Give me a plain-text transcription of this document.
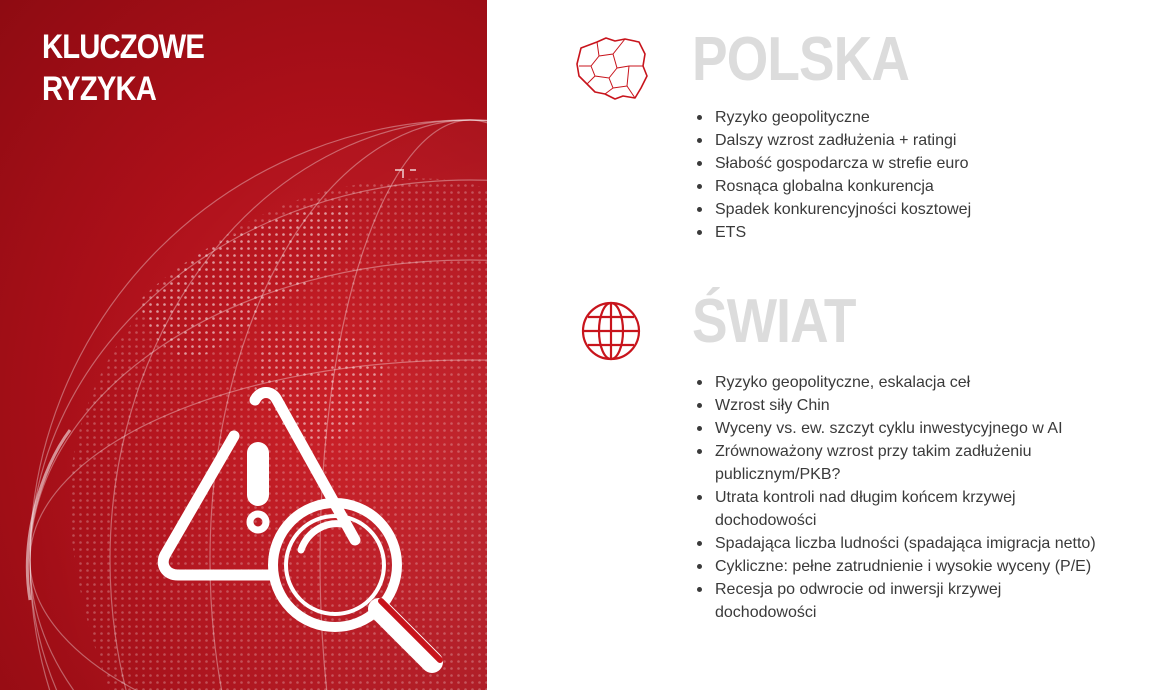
KLUCZOWE
RYZYKA	POLSKA
Ryzyko geopolityczne
Dalszy wzrost zadłużenia + ratingi
Słabość gospodarcza w strefie euro
Rosnąca globalna konkurencja
Spadek konkurencyjności kosztowej
ETS
ŚWIAT
Ryzyko geopolityczne, eskalacja ceł
Wzrost siły Chin
Wyceny vs. ew. szczyt cyklu inwestycyjnego w AI
Zrównoważony wzrost przy takim zadłużeniu publicznym/PKB?
Utrata kontroli nad długim końcem krzywej dochodowości
Spadająca liczba ludności (spadająca imigracja netto)
Cykliczne: pełne zatrudnienie i wysokie wyceny (P/E)
Recesja po odwrocie od inwersji krzywej dochodowości
